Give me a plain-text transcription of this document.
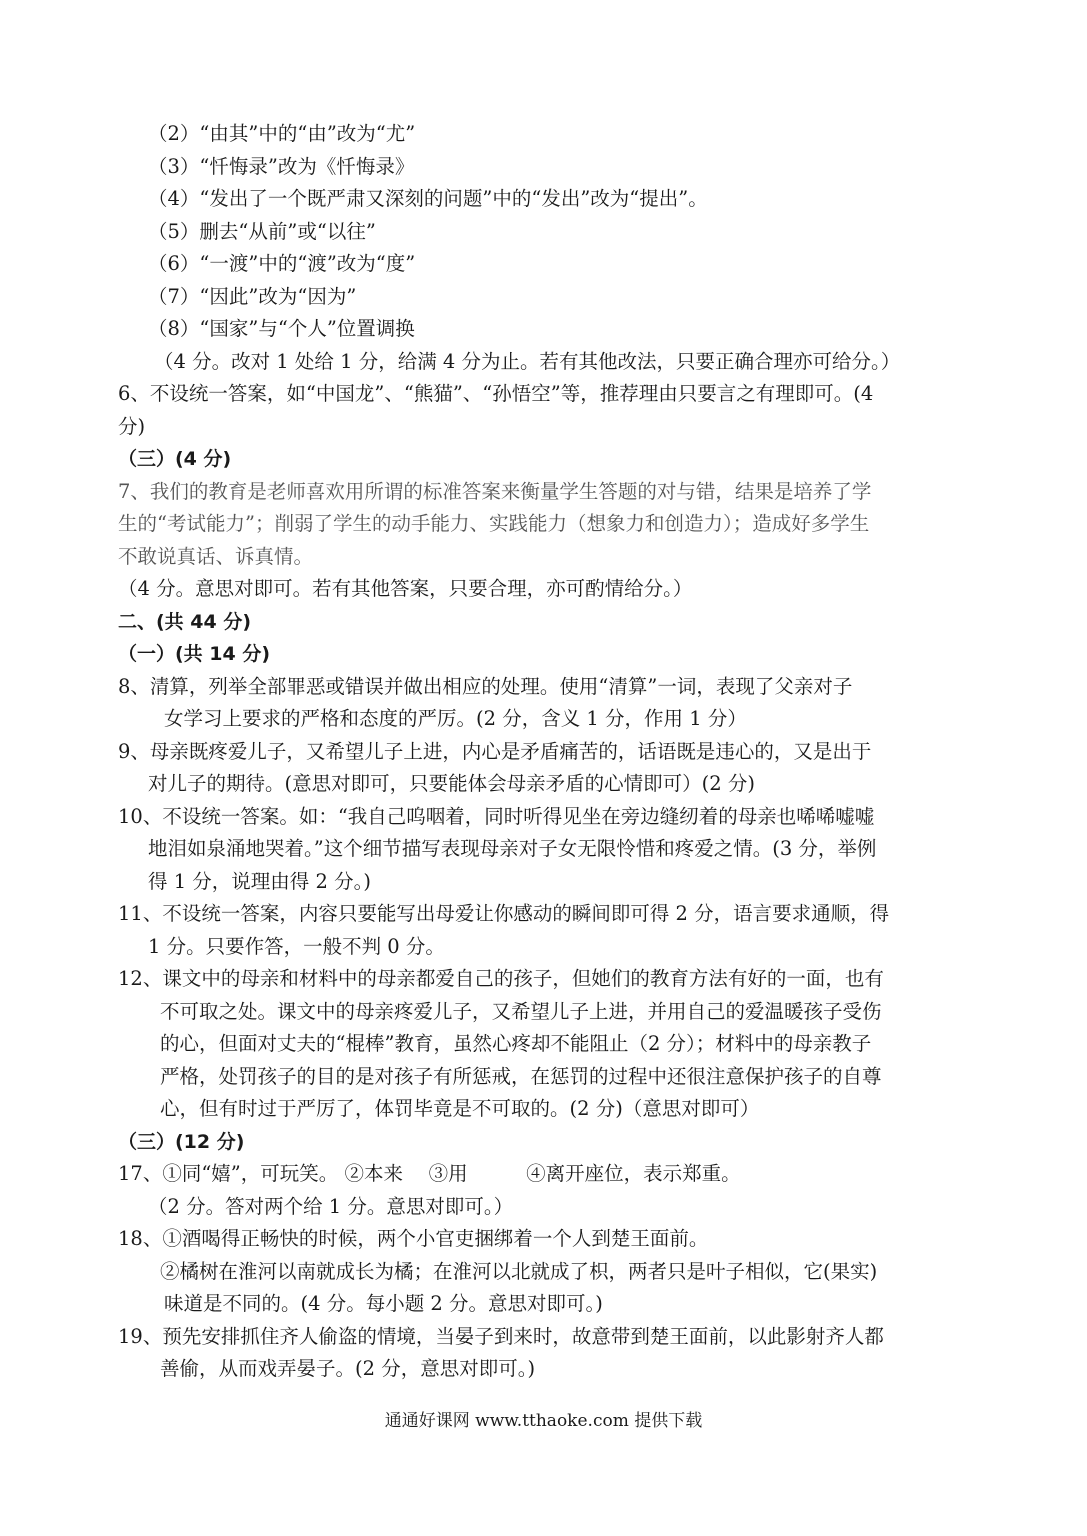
（2）“由其”中的“由”改为“尤”
（3）“忏悔录”改为《忏悔录》
（4）“发出了一个既严肃又深刻的问题”中的“发出”改为“提出”。
（5）删去“从前”或“以往”
（6）“一渡”中的“渡”改为“度”
（7）“因此”改为“因为”
（8）“国家”与“个人”位置调换
（4 分。改对 1 处给 1 分，给满 4 分为止。若有其他改法，只要正确合理亦可给分。）
6、不设统一答案，如“中国龙”、“熊猫”、“孙悟空”等，推荐理由只要言之有理即可。(4
分)
（三）(4 分)
7、我们的教育是老师喜欢用所谓的标准答案来衡量学生答题的对与错，结果是培养了学
生的“考试能力”；削弱了学生的动手能力、实践能力（想象力和创造力）；造成好多学生
不敢说真话、诉真情。
（4 分。意思对即可。若有其他答案，只要合理，亦可酌情给分。）
二、(共 44 分)
（一）(共 14 分)
8、清算，列举全部罪恶或错误并做出相应的处理。使用“清算”一词，表现了父亲对子
女学习上要求的严格和态度的严厉。(2 分，含义 1 分，作用 1 分）
9、母亲既疼爱儿子，又希望儿子上进，内心是矛盾痛苦的，话语既是违心的，又是出于
对儿子的期待。(意思对即可，只要能体会母亲矛盾的心情即可）(2 分)
10、不设统一答案。如：“我自己呜咽着，同时听得见坐在旁边缝纫着的母亲也唏唏嘘嘘
地泪如泉涌地哭着。”这个细节描写表现母亲对子女无限怜惜和疼爱之情。(3 分，举例
得 1 分，说理由得 2 分。)
11、不设统一答案，内容只要能写出母爱让你感动的瞬间即可得 2 分，语言要求通顺，得
1 分。只要作答，一般不判 0 分。
12、课文中的母亲和材料中的母亲都爱自己的孩子，但她们的教育方法有好的一面，也有
不可取之处。课文中的母亲疼爱儿子，又希望儿子上进，并用自己的爱温暖孩子受伤
的心，但面对丈夫的“棍棒”教育，虽然心疼却不能阻止（2 分）；材料中的母亲教子
严格，处罚孩子的目的是对孩子有所惩戒，在惩罚的过程中还很注意保护孩子的自尊
心，但有时过于严厉了，体罚毕竟是不可取的。(2 分)（意思对即可）
（三）(12 分)
17、①同“嬉”，可玩笑。 ②本来　 ③用　　　④离开座位，表示郑重。
（2 分。答对两个给 1 分。意思对即可。）
18、①酒喝得正畅快的时候，两个小官吏捆绑着一个人到楚王面前。
②橘树在淮河以南就成长为橘；在淮河以北就成了枳，两者只是叶子相似，它(果实)
味道是不同的。(4 分。每小题 2 分。意思对即可。)
19、预先安排抓住齐人偷盗的情境，当晏子到来时，故意带到楚王面前，以此影射齐人都
善偷，从而戏弄晏子。(2 分，意思对即可。)
通通好课网 www.tthaoke.com 提供下载
